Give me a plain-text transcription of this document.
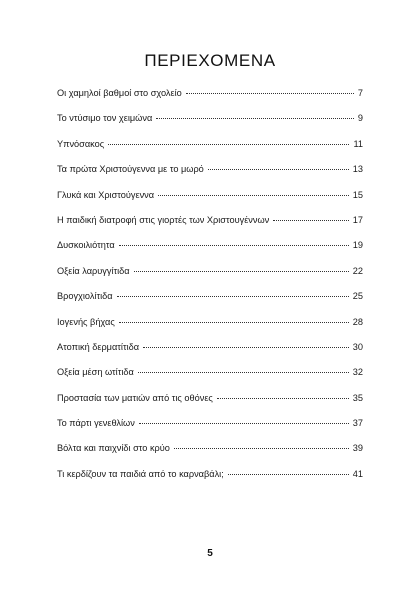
ΠΕΡΙΕΧΟΜΕΝΑ
Οι χαμηλοί βαθμοί στο σχολείο	7
Το ντύσιμο τον χειμώνα	9
Υπνόσακος	11
Τα πρώτα Χριστούγεννα με το μωρό	13
Γλυκά και Χριστούγεννα	15
Η παιδική διατροφή στις γιορτές των Χριστουγέννων	17
Δυσκοιλιότητα	19
Οξεία λαρυγγίτιδα	22
Βρογχιολίτιδα	25
Ιογενής βήχας	28
Ατοπική δερματίτιδα	30
Οξεία μέση ωτίτιδα	32
Προστασία των ματιών από τις οθόνες	35
Το πάρτι γενεθλίων	37
Βόλτα και παιχνίδι στο κρύο	39
Τι κερδίζουν τα παιδιά από το καρναβάλι;	41
5
